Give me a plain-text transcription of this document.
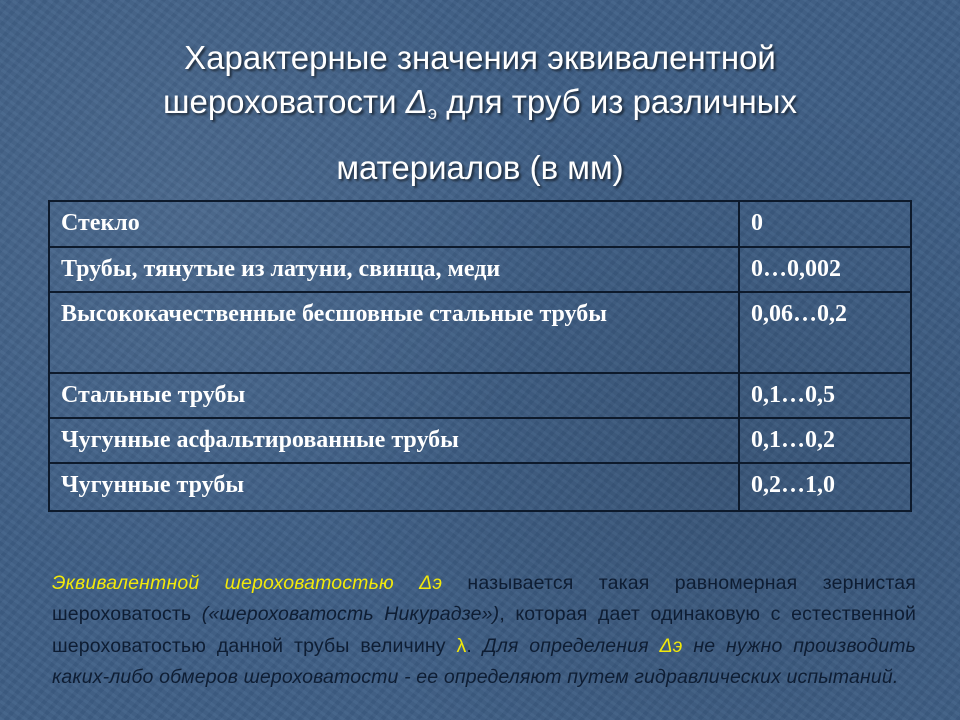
Характерные значения эквивалентной
шероховатости $\Delta_э$ для труб из различных
материалов (в мм)
Стекло	0
Трубы, тянутые из латуни, свинца, меди	0…0,002
Высококачественные бесшовные стальные трубы	0,06…0,2
Стальные трубы	0,1…0,5
Чугунные асфальтированные трубы	0,1…0,2
Чугунные трубы	0,2…1,0

Эквивалентной шероховатостью Δэ называется такая равномерная зернистая шероховатость («шероховатость Никурадзе»), которая дает одинаковую с естественной шероховатостью данной трубы величину λ. Для определения Δэ не нужно производить каких-либо обмеров шероховатости - ее определяют путем гидравлических испытаний.
